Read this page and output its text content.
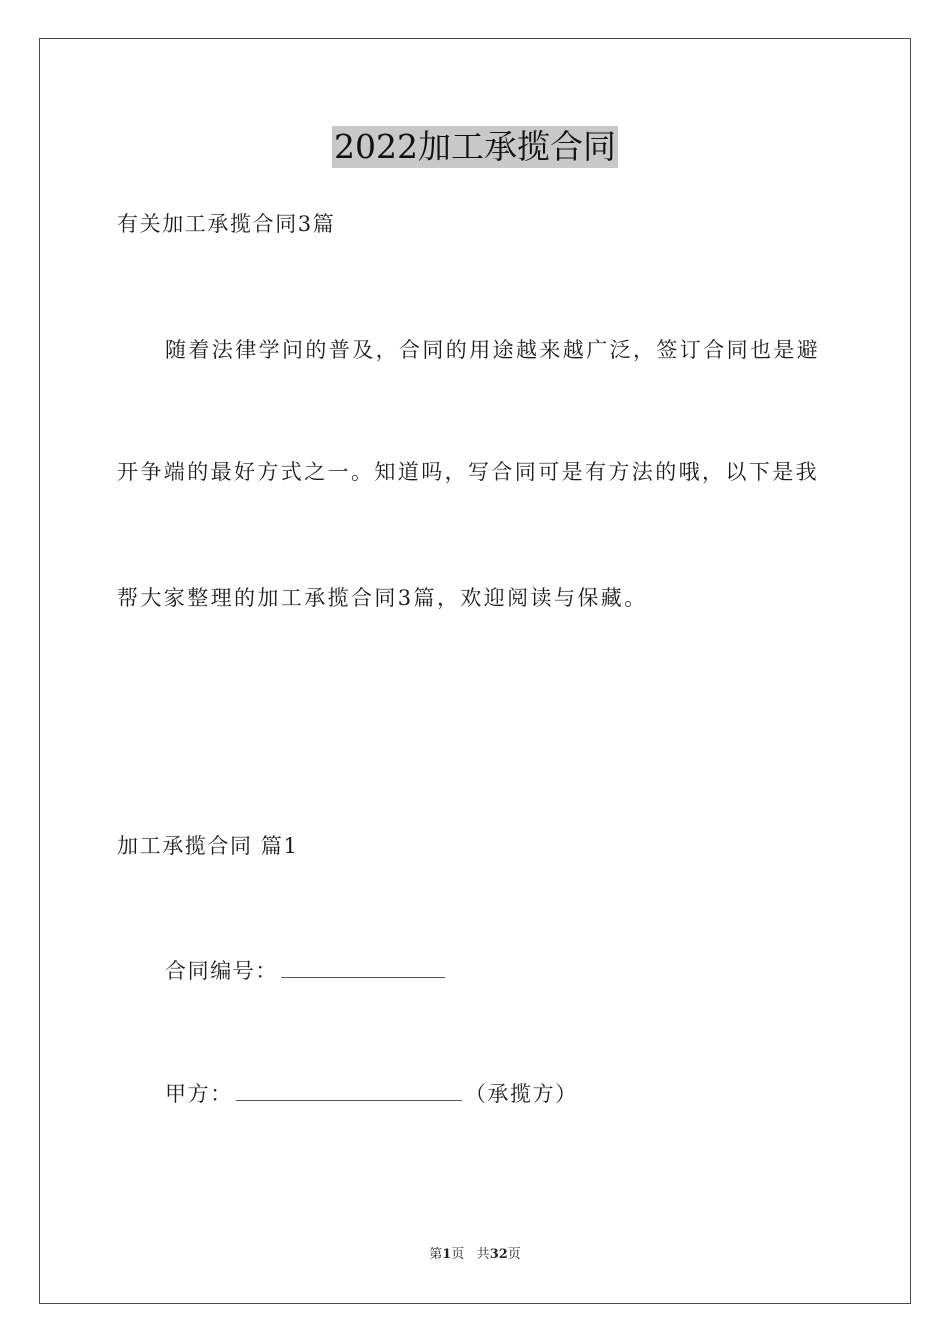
2022加工承揽合同
有关加工承揽合同3篇
随着法律学问的普及，合同的用途越来越广泛，签订合同也是避
开争端的最好方式之一。知道吗，写合同可是有方法的哦，以下是我
帮大家整理的加工承揽合同3篇，欢迎阅读与保藏。
加工承揽合同 篇1
合同编号：
甲方：	（承揽方）
第1页 共32页
